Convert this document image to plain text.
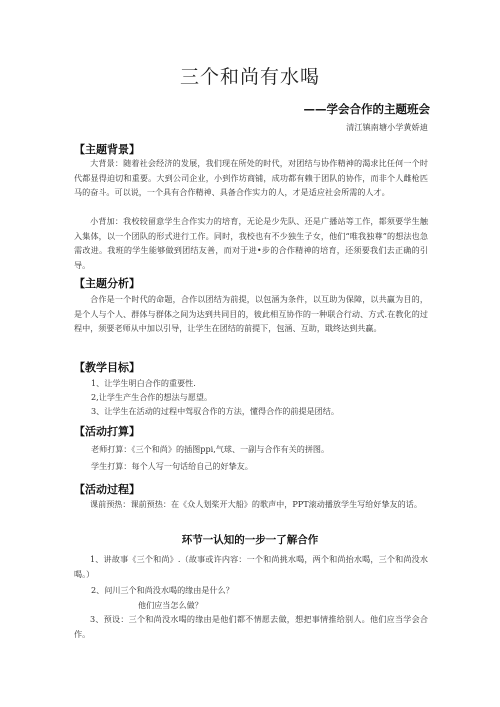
三个和尚有水喝
——学会合作的主题班会
清江镇南塘小学黄娇迪
【主题背景】
大背景：随着社会经济的发展，我们现在所处的时代，对团结与协作精神的渴求比任何一个时代都显得迫切和重要。大到公司企业，小到作坊商铺，成功都有赖于团队的协作，而非个人雌枪匹马的奋斗。可以说，一个具有合作精神、具备合作实力的人，才是适应社会所需的人才。
小背加：我校较留意学生合作实力的培育，无论是少先队、还是广播站等工作，都须要学生触入集体，以一个团队的形式进行工作。同时，我校也有不少独生子女，他们“唯我独尊”的想法也急需改进。我班的学生能够做到团结友善，而对于进•步的合作精神的培育，还须要我们去正确的引导。
【主题分析】
合作是一个时代的命题，合作以团结为前提，以包涵为条件，以互助为保障，以共赢为目的，是个人与个人、群体与群体之间为达到共同目的，彼此相互协作的一种联合行动、方式.在教化的过程中，须要老师从中加以引导，让学生在团结的前提下，包涵、互助，戢终达到共赢。
【教学目标】
1、让学生明白合作的重要性.
2,让学生产生合作的想法与愿望。
3、让学生在活动的过程中驾驭合作的方法，懂得合作的前提是团结。
【活动打算】
老师打算：《三个和尚》的插图ppi,气球、一副与合作有关的拼图。
学生打算：每个人写一句话给自己的好挚友。
【活动过程】
课前预热：课前预热：在《众人划桨开大船》的歌声中，PPT滚动播放学生写给好挚友的话。
环节一认知的一步一了解合作
1、讲故事《三个和尚》.（故事或许内容：一个和尚挑水喝，两个和尚抬水喝，三个和尚没水喝。）
2、问川三个和尚没水喝的缘由是什么？
他们应当怎么做？
3、预设：三个和尚没水喝的缘由是他们都不情愿去做，想把事情推给别人。他们应当学会合作。
